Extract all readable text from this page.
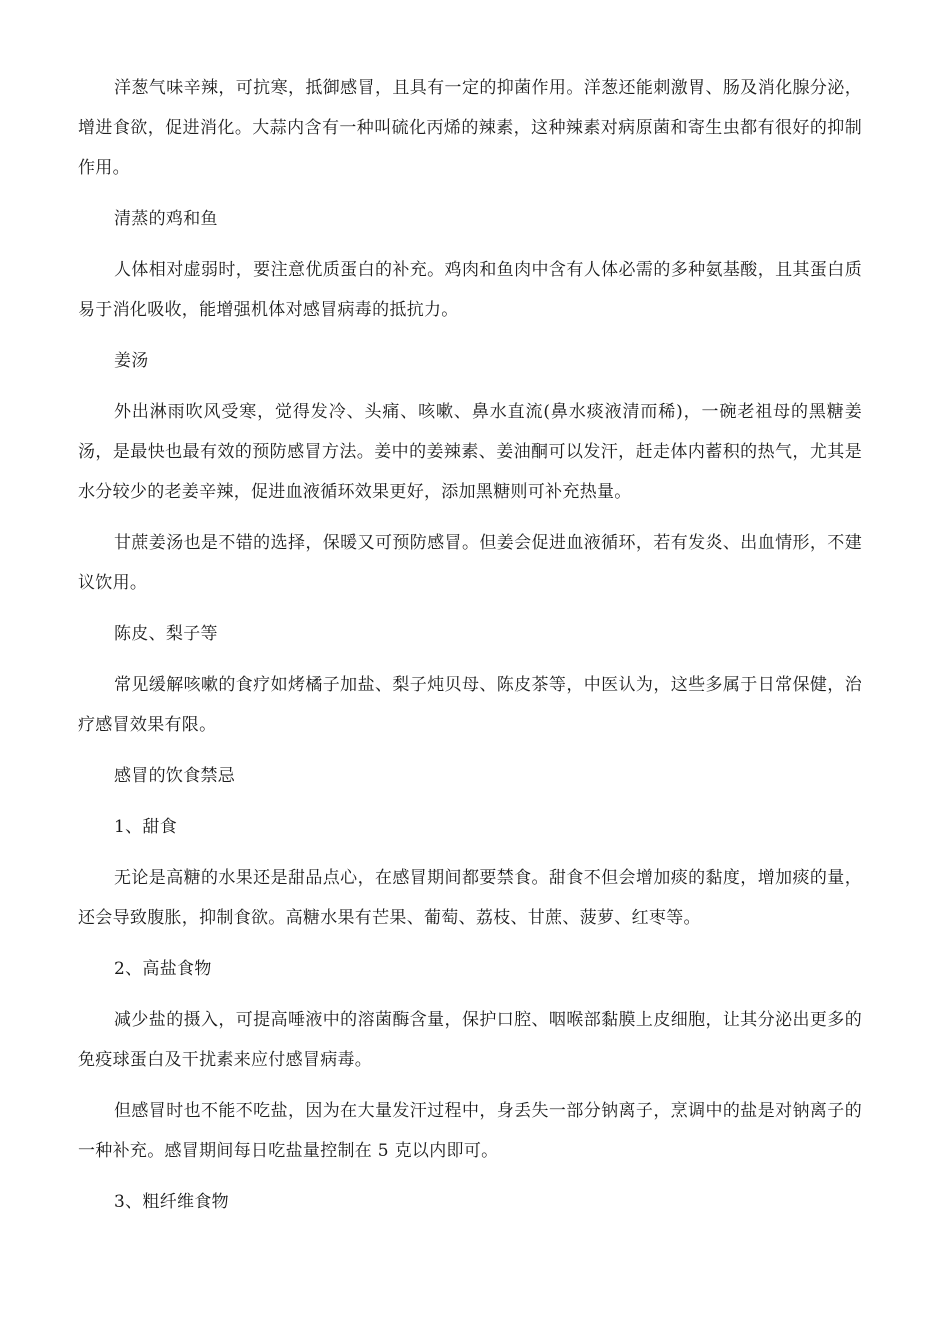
洋葱气味辛辣，可抗寒，抵御感冒，且具有一定的抑菌作用。洋葱还能刺激胃、肠及消化腺分泌，增进食欲，促进消化。大蒜内含有一种叫硫化丙烯的辣素，这种辣素对病原菌和寄生虫都有很好的抑制作用。

清蒸的鸡和鱼

人体相对虚弱时，要注意优质蛋白的补充。鸡肉和鱼肉中含有人体必需的多种氨基酸，且其蛋白质易于消化吸收，能增强机体对感冒病毒的抵抗力。

姜汤

外出淋雨吹风受寒，觉得发冷、头痛、咳嗽、鼻水直流(鼻水痰液清而稀)，一碗老祖母的黑糖姜汤，是最快也最有效的预防感冒方法。姜中的姜辣素、姜油酮可以发汗，赶走体内蓄积的热气，尤其是水分较少的老姜辛辣，促进血液循环效果更好，添加黑糖则可补充热量。

甘蔗姜汤也是不错的选择，保暖又可预防感冒。但姜会促进血液循环，若有发炎、出血情形，不建议饮用。

陈皮、梨子等

常见缓解咳嗽的食疗如烤橘子加盐、梨子炖贝母、陈皮茶等，中医认为，这些多属于日常保健，治疗感冒效果有限。

感冒的饮食禁忌

1、甜食

无论是高糖的水果还是甜品点心，在感冒期间都要禁食。甜食不但会增加痰的黏度，增加痰的量，还会导致腹胀，抑制食欲。高糖水果有芒果、葡萄、荔枝、甘蔗、菠萝、红枣等。

2、高盐食物

减少盐的摄入，可提高唾液中的溶菌酶含量，保护口腔、咽喉部黏膜上皮细胞，让其分泌出更多的免疫球蛋白及干扰素来应付感冒病毒。

但感冒时也不能不吃盐，因为在大量发汗过程中，身丢失一部分钠离子，烹调中的盐是对钠离子的一种补充。感冒期间每日吃盐量控制在 5 克以内即可。

3、粗纤维食物
